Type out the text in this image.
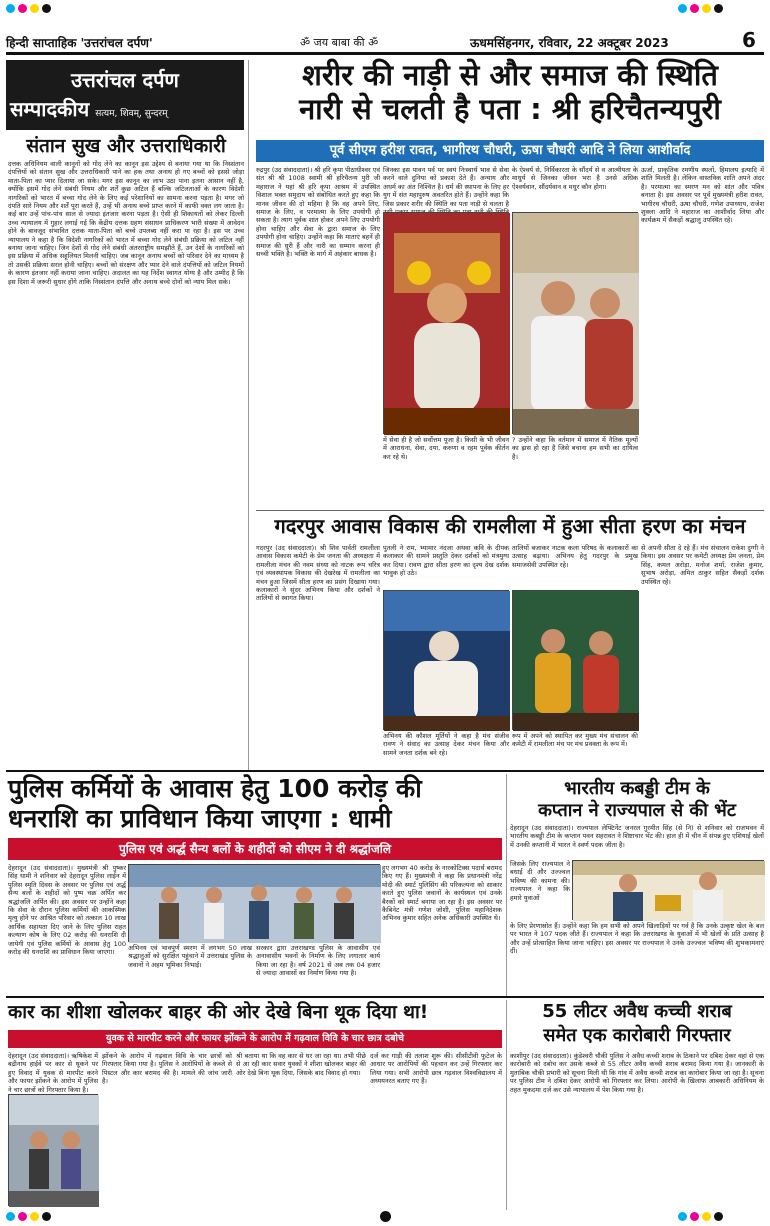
हिन्दी साप्ताहिक 'उत्तरांचल दर्पण'	ॐ जय बाबा की ॐ	ऊधमसिंहनगर, रविवार, 22 अक्टूबर 2023	6
उत्तरांचल दर्पण
सम्पादकीय सत्यम, शिवम्, सुन्दरम्
संतान सुख और उत्तराधिकारी
दत्तक अधिनियम वाली कानूनों को गोद लेने का कानून इस उद्देश्य से बनाया गया था कि निस्संतान दंपत्तियों को संतान सुख और उत्तराधिकारी पाने का हक तथा अनाथ हो गए बच्चों को इससे जोड़ा माता-पिता का प्यार दिलाया जा सके। मगर इस कानून का लाभ उठा पाना इतना आसान नहीं है, क्योंकि इसमें गोद लेने संबंधी नियम और शर्तें कुछ अटिल हैं बल्कि जटिलताओं के कारण विदेशी नागरिकों को भारत में बच्चा गोद लेने के लिए कई परेशानियों का सामना करना पड़ता है। मगर जो दंपति सारे नियम और शर्तें पूरा करते हैं, उन्हें भी अनाथ बच्चे प्राप्त करने में काफी वक्त लग जाता है। कई बार उन्हें पांच-पांच साल से ज्यादा इंतजार करना पड़ता है। ऐसी ही शिकायतों को लेकर दिल्ली उच्च न्यायालय में गुहार लगाई गई कि केंद्रीय दत्तक ग्रहण संसाधन प्राधिकरण भारी संख्या में आवेदन होने के बावजूद संभावित दत्तक माता-पिता को बच्चे उपलब्ध नहीं करा पा रहा है। इस पर उच्च न्यायालय ने कहा है कि विदेशी नागरिकों को भारत में बच्चा गोद लेने संबंधी प्रक्रिया को जटिल नहीं बनाया जाना चाहिए। जिन देशों से गोद लेने संबंधी अंतरराष्ट्रीय समझौते हैं, उन देशों के नागरिकों को इस प्रक्रिया में अधिक सहूलियत मिलनी चाहिए। जब कानून अनाथ बच्चों को परिवार देने का माध्यम है तो उसकी प्रक्रिया सरल होनी चाहिए। बच्चों को संरक्षण और प्यार देने वाले दंपत्तियों को जटिल नियमों के कारण इंतजार नहीं कराया जाना चाहिए। अदालत का यह निर्देश स्वागत योग्य है और उम्मीद है कि इस दिशा में जरूरी सुधार होंगे ताकि निस्संतान दंपत्ति और अनाथ बच्चे दोनों को न्याय मिल सके।
शरीर की नाड़ी से और समाज की स्थिति
नारी से चलती है पता : श्री हरिचैतन्यपुरी
पूर्व सीएम हरीश रावत, भागीरथ चौधरी, ऊषा चौधरी आदि ने लिया आशीर्वाद
रुद्रपुर (उद संवाददाता)। श्री हरि कृपा पीठाधीश्वर एवं संत श्री श्री 1008 स्वामी श्री हरिचैतन्य पुरी जी महाराज ने यहां श्री हरि कृपा आश्रम में उपस्थित विशाल भक्त समुदाय को संबोधित करते हुए कहा कि मानव जीवन की दो महिमा है कि वह अपने लिए, समाज के लिए, व परमात्मा के लिए उपयोगी हो सकता है। त्याग पूर्वक शांत होकर अपने लिए उपयोगी होना चाहिए और सेवा के द्वारा समाज के लिए उपयोगी होना चाहिए। उन्होंने कहा कि माताएं बहनें ही समाज की धुरी हैं और नारी का सम्मान करना ही सच्ची भक्ति है। भक्ति के मार्ग में अहंकार बाधक है।
जिनका इस पावन पर्व पर स्वयं निःस्वार्थ भाव से सेवा करने वाले दुनिया को प्रकाश देते हैं। अन्याय और अधर्म का अंत निश्चित है। धर्म की स्थापना के लिए हर युग में संत महापुरुष अवतरित होते हैं। उन्होंने कहा कि जिस प्रकार शरीर की स्थिति का पता नाड़ी से चलता है
के ऐश्वर्य से, निर्विकारता के सौंदर्य से व आत्मीयता के माधुर्य से जिनका जीवन भरा है उनसे अधिक ऐश्वर्यवान, सौंदर्यवान व मधुर कौन होगा।
ऊर्जा, प्राकृतिक रमणीय स्थलों, हिमालय इत्यादि में शांति मिलती है। लेकिन वास्तविक शांति अपने अंदर है। परमात्मा का स्मरण मन को शांत और पवित्र बनाता है। इस अवसर पर पूर्व मुख्यमंत्री हरीश रावत, भागीरथ चौधरी, ऊषा चौधरी, गणेश उपाध्याय, राजेश शुक्ला आदि ने महाराज का आशीर्वाद लिया और कार्यक्रम में सैकड़ों श्रद्धालु उपस्थित रहे।
में सेवा ही है जो सर्वोत्तम पूजा है। किसी के भी जीवन में आराधना, सेवा, दया, करुणा व रहम पूर्वक कीर्तन कर रहे थे।
? उन्होंने कहा कि वर्तमान में समाज में नैतिक मूल्यों का ह्रास हो रहा है जिसे बचाना हम सभी का दायित्व है।
गदरपुर आवास विकास की रामलीला में हुआ सीता हरण का मंचन
गदरपुर (उद संवाददाता)। श्री शिव पार्वती रामलीला आवास विकास कमेटी के प्रेम जनता की अध्यक्षता में रामलीला मंचन की नवम संध्या को नाटक रूप चरित्र एवं व्यवस्थापक विकास की देखरेख में रामलीला का मंचन हुआ जिसमें सीता हरण का प्रसंग दिखाया गया। कलाकारों ने सुंदर अभिनय किया और दर्शकों ने तालियों से स्वागत किया।
पुतली ने राम, भ्यामार नंदजा अथवा कवि के दीपक कलाकार की सामने प्रस्तुति देकर दर्शकों को मंत्रमुग्ध कर दिया। रावण द्वारा सीता हरण का दृश्य देख दर्शक भावुक हो उठे।
तालियों बजाकर नाटक कला परिषद के कलाकारों का उत्साह बढ़ाया। अभिनय हेतु गदरपुर के प्रमुख समाजसेवी उपस्थित रहे।
से अपनी सीता दे रहे हैं। मंच संचालन राकेश दुग्गी ने किया। इस अवसर पर कमेटी अध्यक्ष प्रेम जनता, प्रेम सिंह, कमल अरोड़ा, मनोज शर्मा, राजेश कुमार, सुभाष अरोड़ा, अमित ठाकुर सहित सैकड़ों दर्शक उपस्थित रहे।
अभिनय की कौशल मूर्तियों ने कहा है मंच संजीव रावण ने संवाद का उत्साह देकर मंचन किया और सामने जनता दर्शक बने रहे।
रूप में अपने को स्थापित कर मुख्य मंच संचालन की कमेटी में रामलीला मंच पर मंच प्रवक्ता के रूप में।
पुलिस कर्मियों के आवास हेतु 100 करोड़ की
धनराशि का प्राविधान किया जाएगा : धामी
पुलिस एवं अर्द्ध सैन्य बलों के शहीदों को सीएम ने दी श्रद्धांजलि
देहरादून (उद संवाददाता)। मुख्यमंत्री श्री पुष्कर सिंह धामी ने शनिवार को देहरादून पुलिस लाईन में पुलिस स्मृति दिवस के अवसर पर पुलिस एवं अर्द्ध सैन्य बलों के शहीदों को पुष्प चक्र अर्पित कर श्रद्धांजलि अर्पित की। इस अवसर पर उन्होंने कहा कि सेवा के दौरान पुलिस कर्मियों की आकस्मिक मृत्यु होने पर आश्रित परिवार को तत्काल 10 लाख आर्थिक सहायता दिए जाने के लिए पुलिस राहत कल्याण कोष के लिए 02 करोड़ की धनराशि दी जायेगी एवं पुलिस कर्मियों के आवास हेतु 100 करोड़ की धनराशि का प्राविधान किया जाएगा।
हुए लगभग 40 करोड़ के नारकोटिक्स पदार्थ बरामद किए गए हैं। मुख्यमंत्री ने कहा कि प्रधानमंत्री नरेंद्र मोदी की स्मार्ट पुलिसिंग की परिकल्पना को साकार करते हुए पुलिस जवानों के कार्यस्थल एवं उनके बैरकों को स्मार्ट बनाया जा रहा है। इस अवसर पर कैबिनेट मंत्री गणेश जोशी, पुलिस महानिदेशक अभिनव कुमार सहित अनेक अधिकारी उपस्थित थे।
अभिनय एवं भावपूर्ण स्मरण में लगभग 50 लाख श्रद्धालुओं को सुरक्षित पहुंचाने में उत्तराखंड पुलिस के जवानों ने अहम भूमिका निभाई।
सरकार द्वारा उत्तराखण्ड पुलिस के आवासीय एवं अनावासीय भवनों के निर्माण के लिए लगातार कार्य किया जा रहा है। वर्ष 2021 से अब तक 04 हजार से ज्यादा आवासों का निर्माण किया गया है।
भारतीय कबड्डी टीम के
कप्तान ने राज्यपाल से की भेंट
देहरादून (उद संवाददाता)। राज्यपाल लेफ्टिनेंट जनरल गुरमीत सिंह (से नि) से शनिवार को राजभवन में भारतीय कबड्डी टीम के कप्तान पवन सहरावत ने शिष्टाचार भेंट की। हाल ही में चीन में संपन्न हुए एशियाई खेलों में उनकी कप्तानी में भारत ने स्वर्ण पदक जीता है।
जिसके लिए राज्यपाल ने बधाई दी और उज्ज्वल भविष्य की कामना की। राज्यपाल ने कहा कि हमारे युवाओं
के लिए प्रेरणास्रोत हैं। उन्होंने कहा कि हम सभी को अपने खिलाड़ियों पर गर्व है कि उनके उत्कृष्ट खेल के बल पर भारत ने 107 पदक जीते हैं। राज्यपाल ने कहा कि उत्तराखण्ड के युवाओं में भी खेलों के प्रति उत्साह है और उन्हें प्रोत्साहित किया जाना चाहिए। इस अवसर पर राज्यपाल ने उनके उज्ज्वल भविष्य की शुभकामनाएं दीं।
कार का शीशा खोलकर बाहर की ओर देखे बिना थूक दिया था!
युवक से मारपीट करने और फायर झोंकने के आरोप में गढ़वाल विवि के चार छात्र दबोचे
देहरादून (उद संवाददाता)। ऋषिकेश में बद्रीनाथ हाईवे पर कार से थूकने पर हुए विवाद में युवक से मारपीट करने और फायर झोंकने के आरोप में पुलिस ने चार छात्रों को गिरफ्तार किया है।
झोंकने के आरोप में गढ़वाल विवि के चार छात्रों को गिरफ्तार किया गया है। पुलिस ने आरोपियों के कब्जे से पिस्टल और कार बरामद की है। मामले की जांच जारी है।
श्री बताया था कि वह कार से घर जा रहा था। तभी पीछे से आ रही कार सवार युवकों ने शीशा खोलकर बाहर की ओर देखे बिना थूक दिया, जिसके बाद विवाद हो गया।
दर्ज कर गाड़ी की तलाश शुरू की। सीसीटीवी फुटेज के आधार पर आरोपियों की पहचान कर उन्हें गिरफ्तार कर लिया गया। सभी आरोपी छात्र गढ़वाल विश्वविद्यालय में अध्ययनरत बताए गए हैं।
55 लीटर अवैध कच्ची शराब
समेत एक कारोबारी गिरफ्तार
काशीपुर (उद संवाददाता)। कुंडेश्वरी चौकी पुलिस ने अवैध कच्ची शराब के ठिकाने पर दबिश देकर वहां से एक कारोबारी को दबोच कर उसके कब्जे से 55 लीटर अवैध कच्ची शराब बरामद किया गया है। जानकारी के मुताबिक चौकी प्रभारी को सूचना मिली थी कि गांव में अवैध कच्ची शराब का कारोबार किया जा रहा है। सूचना पर पुलिस टीम ने दबिश देकर आरोपी को गिरफ्तार कर लिया। आरोपी के खिलाफ आबकारी अधिनियम के तहत मुकदमा दर्ज कर उसे न्यायालय में पेश किया गया है।
